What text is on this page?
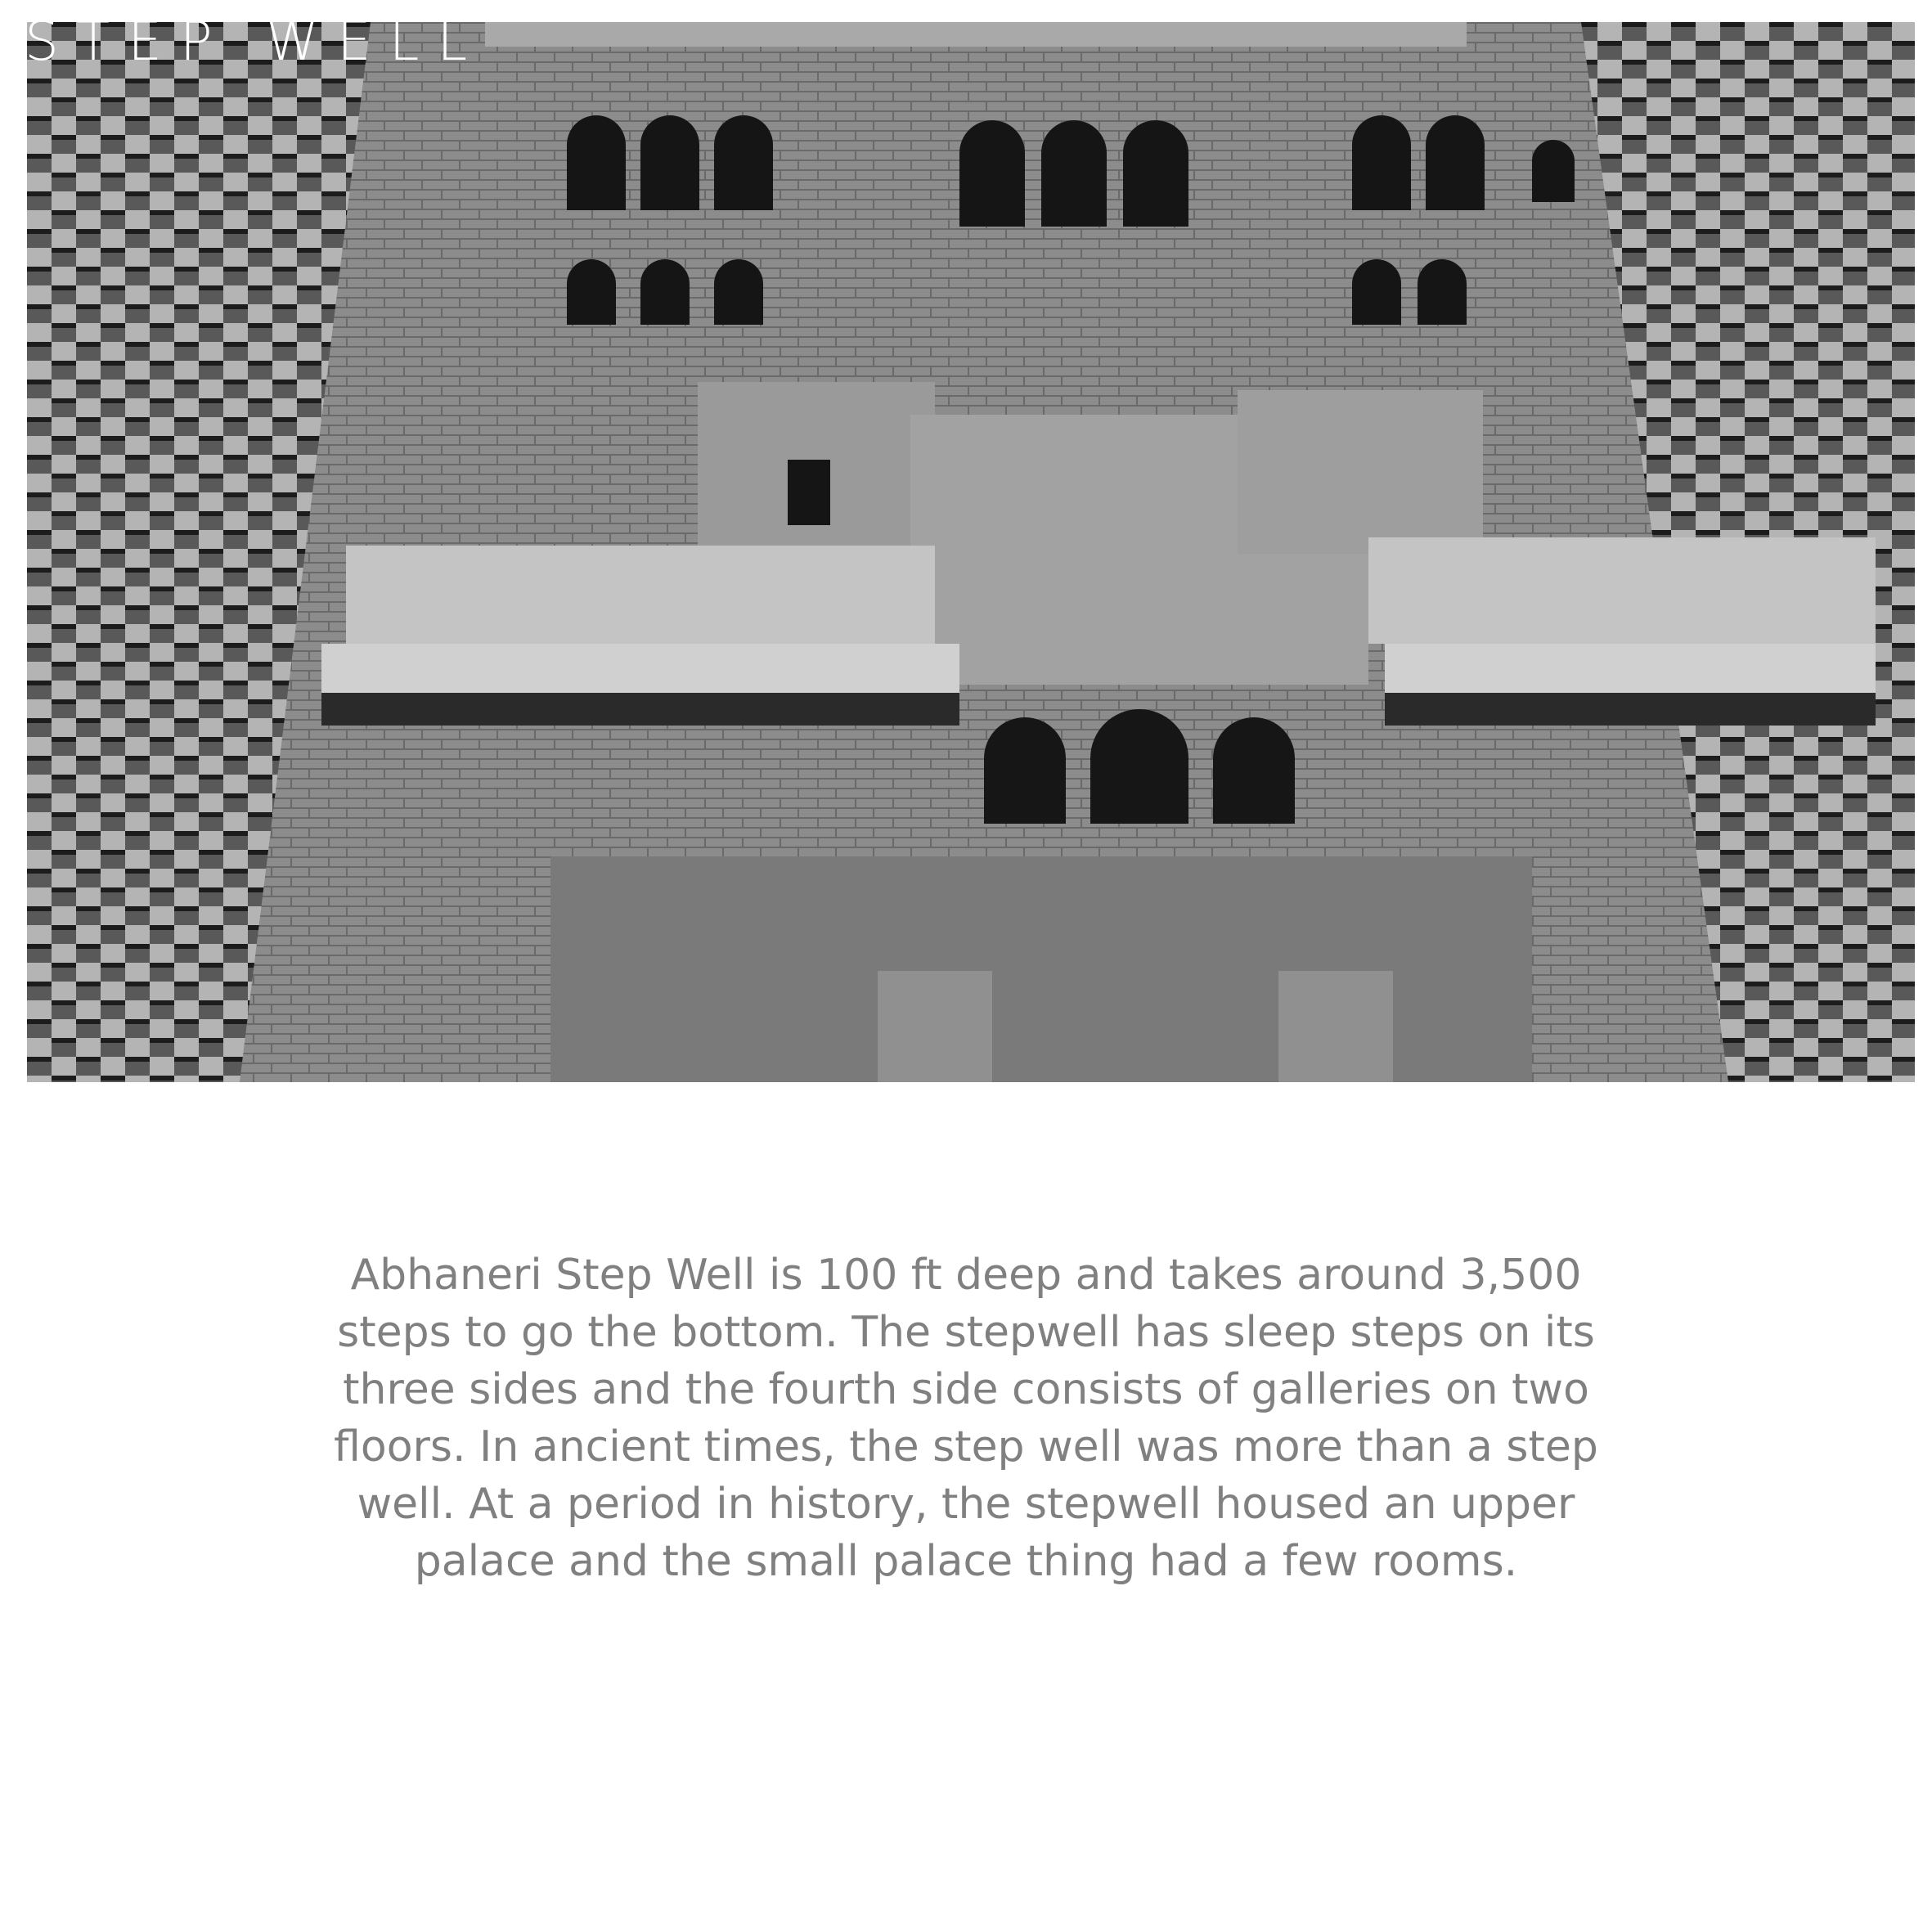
STEP WELL
Abhaneri Step Well is 100 ft deep and takes around 3,500
steps to go the bottom. The stepwell has sleep steps on its
three sides and the fourth side consists of galleries on two
floors. In ancient times, the step well was more than a step
well. At a period in history, the stepwell housed an upper
palace and the small palace thing had a few rooms.
